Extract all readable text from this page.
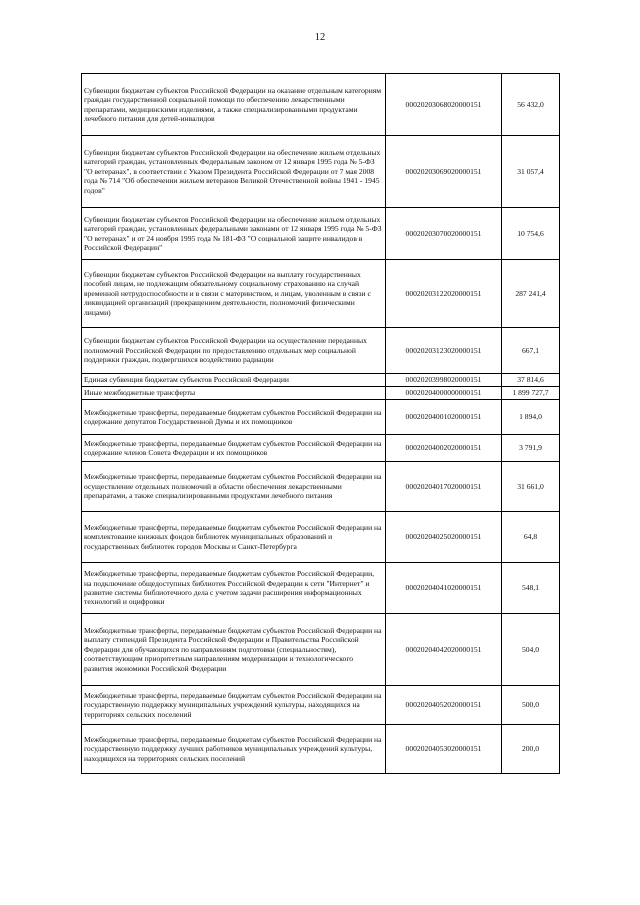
12
Субвенции бюджетам субъектов Российской Федерации на оказание отдельным категориям граждан государственной социальной помощи по обеспечению лекарственными препаратами, медицинскими изделиями, а также специализированными продуктами лечебного питания для детей-инвалидов	00020203068020000151	56 432,0
Субвенции бюджетам субъектов Российской Федерации на обеспечение жильем отдельных категорий граждан, установленных Федеральным законом от 12 января 1995 года № 5-ФЗ "О ветеранах", в соответствии с Указом Президента Российской Федерации от 7 мая 2008 года № 714 "Об обеспечении жильем ветеранов Великой Отечественной войны 1941 - 1945 годов"	00020203069020000151	31 057,4
Субвенции бюджетам субъектов Российской Федерации на обеспечение жильем отдельных категорий граждан, установленных федеральными законами от 12 января 1995 года № 5-ФЗ "О ветеранах" и от 24 ноября 1995 года № 181-ФЗ "О социальной защите инвалидов в Российской Федерации"	00020203070020000151	10 754,6
Субвенции бюджетам субъектов Российской Федерации на выплату государственных пособий лицам, не подлежащим обязательному социальному страхованию на случай временной нетрудоспособности и в связи с материнством, и лицам, уволенным в связи с ликвидацией организаций (прекращением деятельности, полномочий физическими лицами)	00020203122020000151	287 241,4
Субвенции бюджетам субъектов Российской Федерации на осуществление переданных полномочий Российской Федерации по предоставлению отдельных мер социальной поддержки граждан, подвергшихся воздействию радиации	00020203123020000151	667,1
Единая субвенция бюджетам субъектов Российской Федерации	00020203998020000151	37 814,6
Иные межбюджетные трансферты	00020204000000000151	1 899 727,7
Межбюджетные трансферты, передаваемые бюджетам субъектов Российской Федерации на содержание депутатов Государственной Думы и их помощников	00020204001020000151	1 894,0
Межбюджетные трансферты, передаваемые бюджетам субъектов Российской Федерации на содержание членов Совета Федерации и их помощников	00020204002020000151	3 791,9
Межбюджетные трансферты, передаваемые бюджетам субъектов Российской Федерации на осуществление отдельных полномочий в области обеспечения лекарственными препаратами, а также специализированными продуктами лечебного питания	00020204017020000151	31 661,0
Межбюджетные трансферты, передаваемые бюджетам субъектов Российской Федерации на комплектование книжных фондов библиотек муниципальных образований и государственных библиотек городов Москвы и Санкт-Петербурга	00020204025020000151	64,8
Межбюджетные трансферты, передаваемые бюджетам субъектов Российской Федерации, на подключение общедоступных библиотек Российской Федерации к сети "Интернет" и развитие системы библиотечного дела с учетом задачи расширения информационных технологий и оцифровки	00020204041020000151	548,1
Межбюджетные трансферты, передаваемые бюджетам субъектов Российской Федерации на выплату стипендий Президента Российской Федерации и Правительства Российской Федерации для обучающихся по направлениям подготовки (специальностям), соответствующим приоритетным направлениям модернизации и технологического развития экономики Российской Федерации	00020204042020000151	504,0
Межбюджетные трансферты, передаваемые бюджетам субъектов Российской Федерации на государственную поддержку муниципальных учреждений культуры, находящихся на территориях сельских поселений	00020204052020000151	500,0
Межбюджетные трансферты, передаваемые бюджетам субъектов Российской Федерации на государственную поддержку лучших работников муниципальных учреждений культуры, находящихся на территориях сельских поселений	00020204053020000151	200,0
